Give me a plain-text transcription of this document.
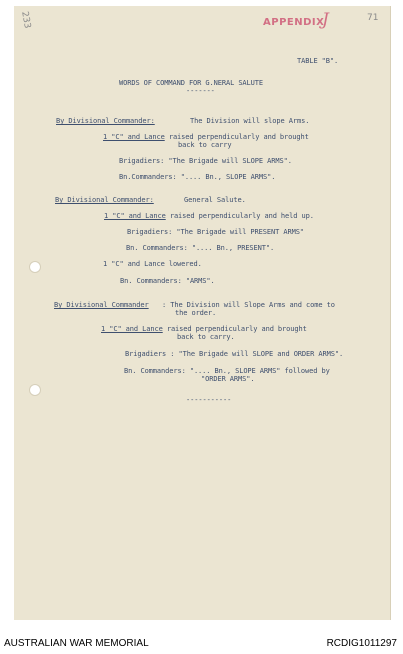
233	71
APPENDIX
J
TABLE "B".
WORDS OF COMMAND FOR G.NERAL SALUTE
-------
By Divisional Commander:	The Division will slope Arms.
1 "C" and Lance raised perpendicularly and brought
back to carry
Brigadiers: "The Brigade will SLOPE ARMS".
Bn.Commanders: ".... Bn., SLOPE ARMS".
By Divisional Commander:	General Salute.
1 "C" and Lance raised perpendicularly and held up.
Brigadiers: "The Brigade will PRESENT ARMS"
Bn. Commanders: ".... Bn., PRESENT".
1 "C" and Lance lowered.
Bn. Commanders: "ARMS".
By Divisional Commander : The Division will Slope Arms and come to
the order.
1 "C" and Lance raised perpendicularly and brought
back to carry.
Brigadiers : "The Brigade will SLOPE and ORDER ARMS".
Bn. Commanders: ".... Bn., SLOPE ARMS" followed by
"ORDER ARMS".
-----------
AUSTRALIAN WAR MEMORIAL	RCDIG1011297
